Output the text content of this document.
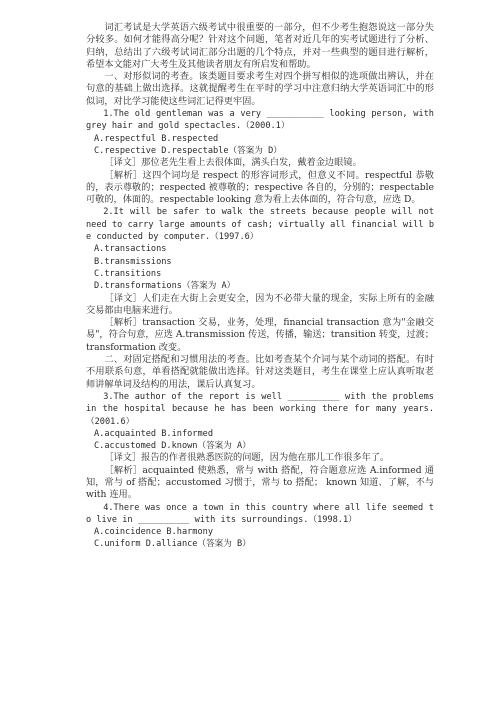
词汇考试是大学英语六级考试中很重要的一部分，但不少考生抱怨说这一部分失分较多。如何才能得高分呢？针对这个问题，笔者对近几年的实考试题进行了分析、归纳，总结出了六级考试词汇部分出题的几个特点，并对一些典型的题目进行解析，希望本文能对广大考生及其他读者朋友有所启发和帮助。

一、对形似词的考查。该类题目要求考生对四个拼写相似的选项做出辨认，并在句意的基础上做出选择。这就提醒考生在平时的学习中注意归纳大学英语词汇中的形似词，对比学习能使这些词汇记得更牢固。

1.The old gentleman was a very ___________ looking person, with grey hair and gold spectacles.（2000.1）

A.respectful B.respected

C.respective D.respectable（答案为 D）

［译文］那位老先生看上去很体面，满头白发，戴着金边眼镜。

［解析］这四个词均是 respect 的形容词形式，但意义不同。respectful 恭敬的，表示尊敬的；respected 被尊敬的；respective 各自的，分别的；respectable 可敬的，体面的。respectable looking 意为看上去体面的，符合句意，应选 D。

2.It will be safer to walk the streets because people will not need to carry large amounts of cash; virtually all financial will be conducted by computer.（1997.6）

A.transactions

B.transmissions

C.transitions

D.transformations（答案为 A）

［译文］人们走在大街上会更安全，因为不必带大量的现金，实际上所有的金融交易都由电脑来进行。

［解析］transaction 交易，业务，处理，financial transaction 意为"金融交易"，符合句意，应选 A.transmission 传送，传播，输送；transition 转变，过渡；transformation 改变。

二、对固定搭配和习惯用法的考查。比如考查某个介词与某个动词的搭配。有时不用联系句意，单看搭配就能做出选择。针对这类题目，考生在课堂上应认真听取老师讲解单词及结构的用法，课后认真复习。

3.The author of the report is well __________ with the problems in the hospital because he has been working there for many years.（2001.6）

A.acquainted B.informed

C.accustomed D.known（答案为 A）

［译文］报告的作者很熟悉医院的问题，因为他在那儿工作很多年了。

［解析］acquainted 使熟悉，常与 with 搭配，符合题意应选 A.informed 通知，常与 of 搭配；accustomed 习惯于，常与 to 搭配； known 知道、了解，不与 with 连用。

4.There was once a town in this country where all life seemed to live in __________ with its surroundings.（1998.1）

A.coincidence B.harmony

C.uniform D.alliance（答案为 B）
